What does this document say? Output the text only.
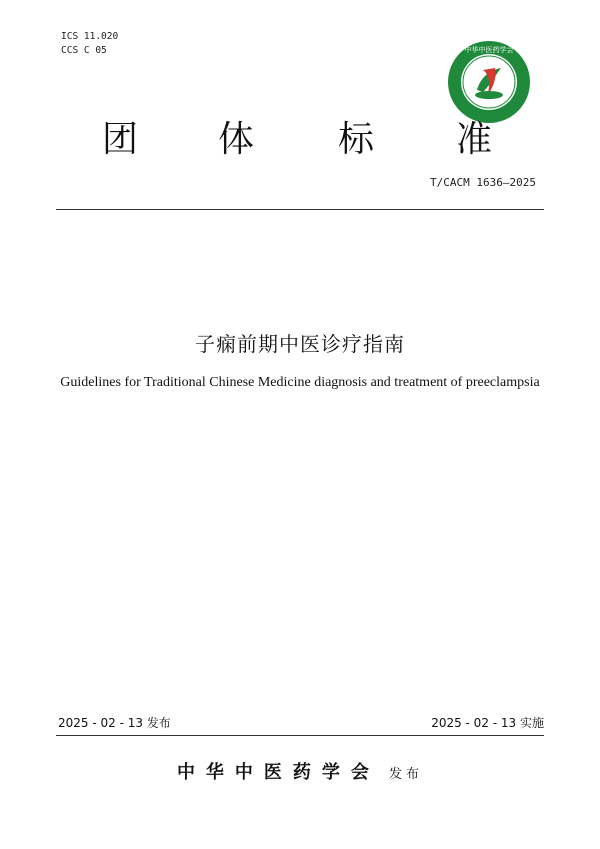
ICS 11.020
CCS C 05	中华中医药学会
团 体 标 准
T/CACM 1636—2025
子痫前期中医诊疗指南
Guidelines for Traditional Chinese Medicine diagnosis and treatment of preeclampsia
2025 - 02 - 13 发布	2025 - 02 - 13 实施
中华中医药学会 发布
